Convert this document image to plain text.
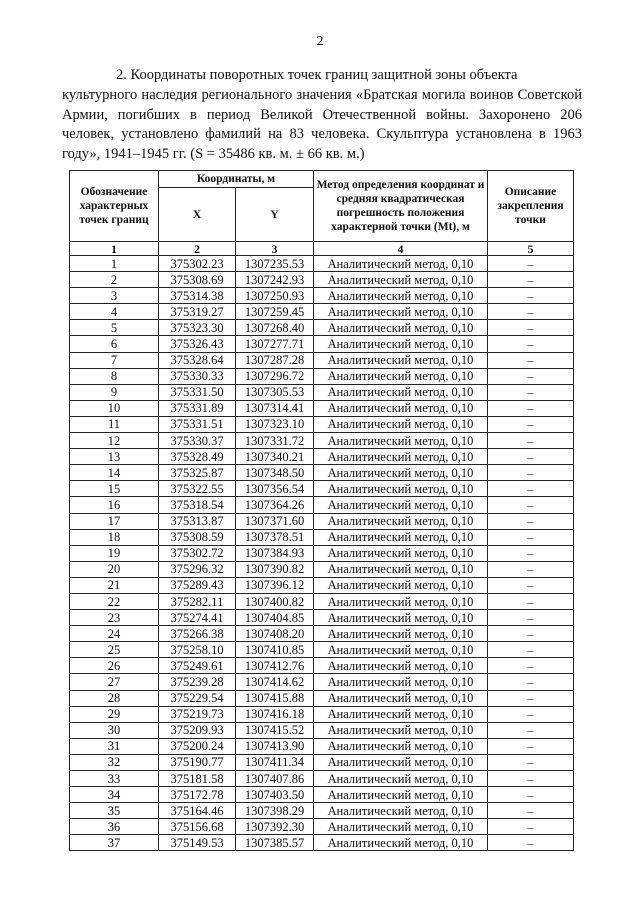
2

2. Координаты поворотных точек границ защитной зоны объекта

культурного наследия регионального значения «Братская могила воинов Советской Армии, погибших в период Великой Отечественной войны. Захоронено 206 человек, установлено фамилий на 83 человека. Скульптура установлена в 1963 году», 1941–1945 гг. (S = 35486 кв. м. ± 66 кв. м.)

Обозначение характерных точек границ	Координаты, м		Метод определения координат и средняя квадратическая погрешность положения характерной точки (Mt), м	Описание закрепления точки
	X	Y		
1	2	3	4	5
1	375302.23	1307235.53	Аналитический метод, 0,10	–
2	375308.69	1307242.93	Аналитический метод, 0,10	–
3	375314.38	1307250.93	Аналитический метод, 0,10	–
4	375319.27	1307259.45	Аналитический метод, 0,10	–
5	375323.30	1307268.40	Аналитический метод, 0,10	–
6	375326.43	1307277.71	Аналитический метод, 0,10	–
7	375328.64	1307287.28	Аналитический метод, 0,10	–
8	375330.33	1307296.72	Аналитический метод, 0,10	–
9	375331.50	1307305.53	Аналитический метод, 0,10	–
10	375331.89	1307314.41	Аналитический метод, 0,10	–
11	375331.51	1307323.10	Аналитический метод, 0,10	–
12	375330.37	1307331.72	Аналитический метод, 0,10	–
13	375328.49	1307340.21	Аналитический метод, 0,10	–
14	375325.87	1307348.50	Аналитический метод, 0,10	–
15	375322.55	1307356.54	Аналитический метод, 0,10	–
16	375318.54	1307364.26	Аналитический метод, 0,10	–
17	375313.87	1307371.60	Аналитический метод, 0,10	–
18	375308.59	1307378.51	Аналитический метод, 0,10	–
19	375302.72	1307384.93	Аналитический метод, 0,10	–
20	375296.32	1307390.82	Аналитический метод, 0,10	–
21	375289.43	1307396.12	Аналитический метод, 0,10	–
22	375282.11	1307400.82	Аналитический метод, 0,10	–
23	375274.41	1307404.85	Аналитический метод, 0,10	–
24	375266.38	1307408.20	Аналитический метод, 0,10	–
25	375258.10	1307410.85	Аналитический метод, 0,10	–
26	375249.61	1307412.76	Аналитический метод, 0,10	–
27	375239.28	1307414.62	Аналитический метод, 0,10	–
28	375229.54	1307415.88	Аналитический метод, 0,10	–
29	375219.73	1307416.18	Аналитический метод, 0,10	–
30	375209.93	1307415.52	Аналитический метод, 0,10	–
31	375200.24	1307413.90	Аналитический метод, 0,10	–
32	375190.77	1307411.34	Аналитический метод, 0,10	–
33	375181.58	1307407.86	Аналитический метод, 0,10	–
34	375172.78	1307403.50	Аналитический метод, 0,10	–
35	375164.46	1307398.29	Аналитический метод, 0,10	–
36	375156.68	1307392.30	Аналитический метод, 0,10	–
37	375149.53	1307385.57	Аналитический метод, 0,10	–
